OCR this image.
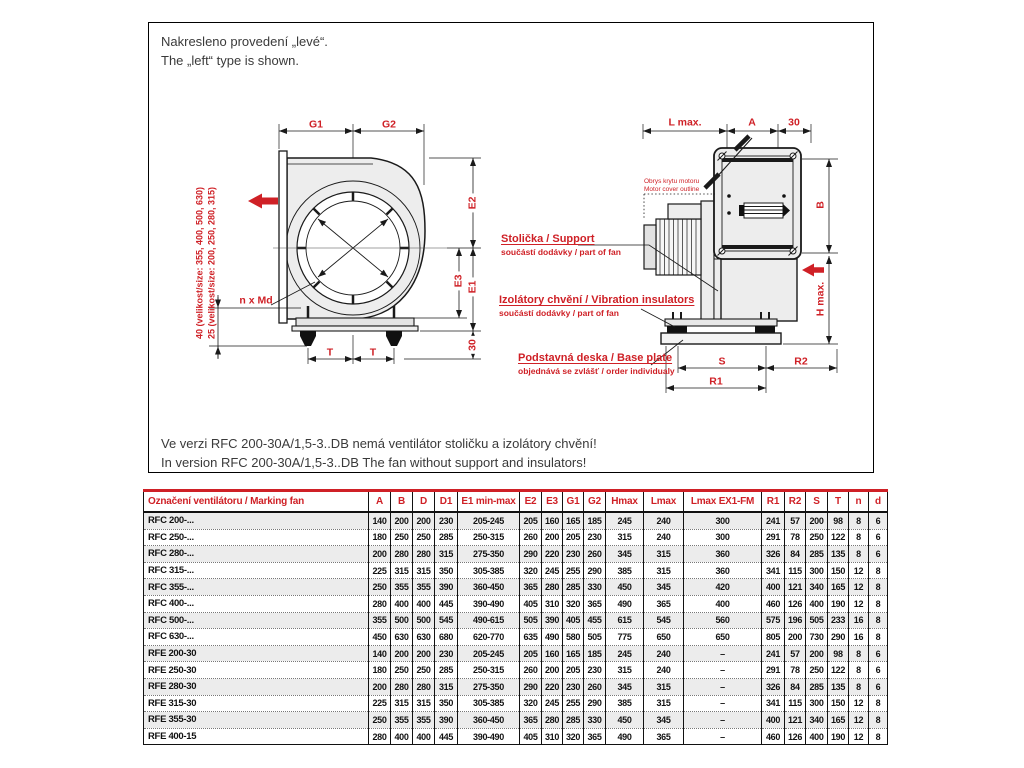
Nakresleno provedení „levé“.
The „left“ type is shown.
G1	G2
E2
E3 E1
30
T	T
n x Md
40 (velikost/size: 355, 400, 500, 630) 25 (velikost/size: 200, 250, 280, 315)
L max.	A	30
B
H max.
S	R2
R1
Obrys krytu motoru
Motor cover outline
Stolička / Support
součástí dodávky / part of fan
Izolátory chvění / Vibration insulators
součástí dodávky / part of fan
Podstavná deska / Base plate
objednává se zvlášť / order individualy
Ve verzi RFC 200-30A/1,5-3..DB nemá ventilátor stoličku a izolátory chvění!
In version RFC 200-30A/1,5-3..DB The fan without support and insulators!
Označení ventilátoru / Marking fan	A	B	D	D1	E1 min-max	E2	E3	G1	G2	Hmax	Lmax	Lmax EX1-FM	R1	R2	S	T	n	d
RFC 200-...	140	200	200	230	205-245	205	160	165	185	245	240	300	241	57	200	98	8	6
RFC 250-...	180	250	250	285	250-315	260	200	205	230	315	240	300	291	78	250	122	8	6
RFC 280-...	200	280	280	315	275-350	290	220	230	260	345	315	360	326	84	285	135	8	6
RFC 315-...	225	315	315	350	305-385	320	245	255	290	385	315	360	341	115	300	150	12	8
RFC 355-...	250	355	355	390	360-450	365	280	285	330	450	345	420	400	121	340	165	12	8
RFC 400-...	280	400	400	445	390-490	405	310	320	365	490	365	400	460	126	400	190	12	8
RFC 500-...	355	500	500	545	490-615	505	390	405	455	615	545	560	575	196	505	233	16	8
RFC 630-...	450	630	630	680	620-770	635	490	580	505	775	650	650	805	200	730	290	16	8
RFE 200-30	140	200	200	230	205-245	205	160	165	185	245	240	–	241	57	200	98	8	6
RFE 250-30	180	250	250	285	250-315	260	200	205	230	315	240	–	291	78	250	122	8	6
RFE 280-30	200	280	280	315	275-350	290	220	230	260	345	315	–	326	84	285	135	8	6
RFE 315-30	225	315	315	350	305-385	320	245	255	290	385	315	–	341	115	300	150	12	8
RFE 355-30	250	355	355	390	360-450	365	280	285	330	450	345	–	400	121	340	165	12	8
RFE 400-15	280	400	400	445	390-490	405	310	320	365	490	365	–	460	126	400	190	12	8
